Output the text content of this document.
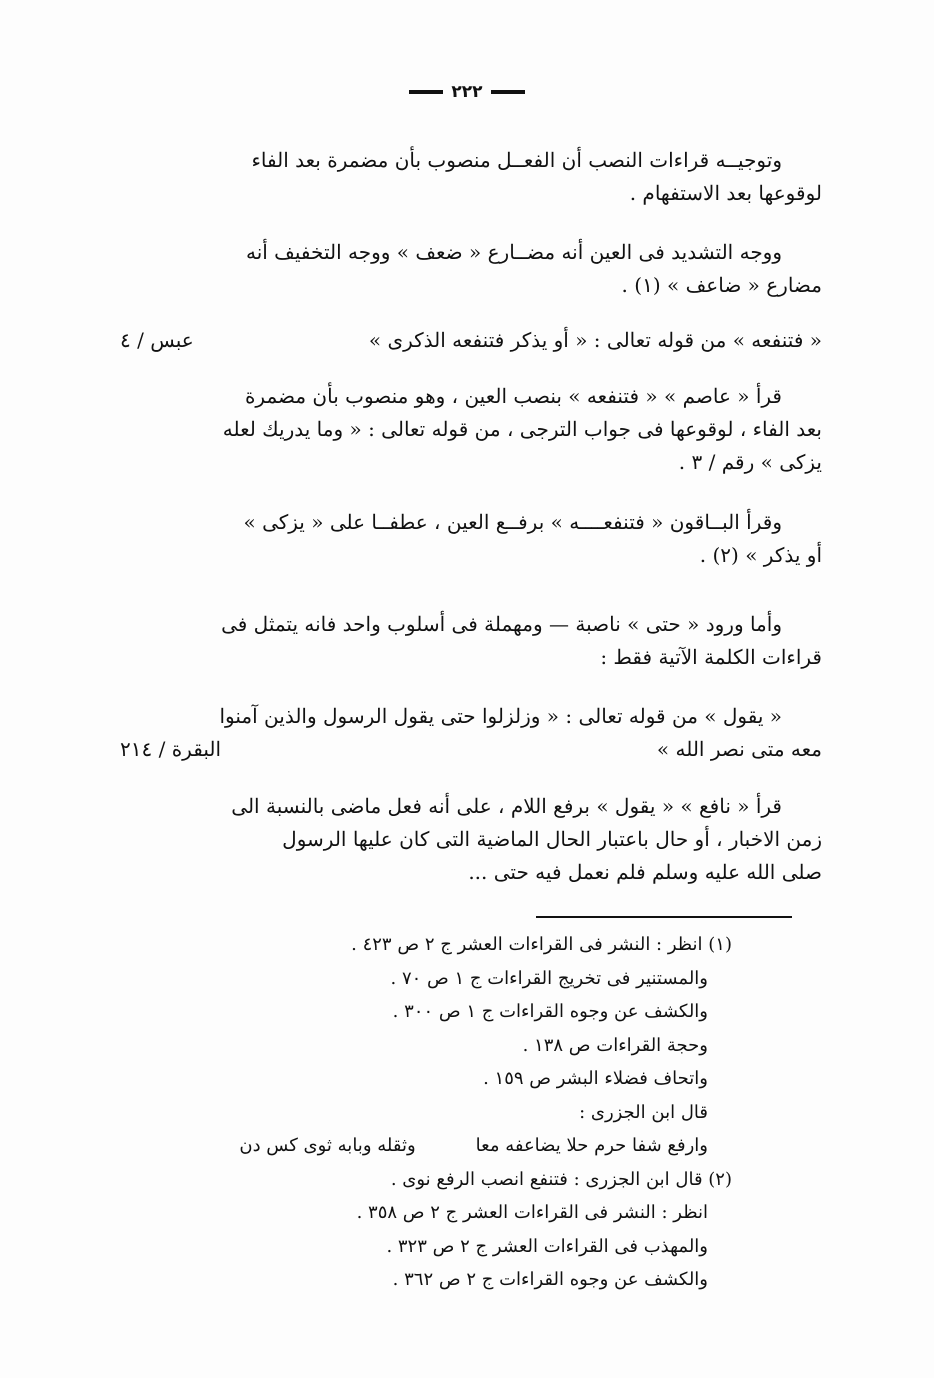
٢٢٢
وتوجيــه قراءات النصب أن الفعــل منصوب بأن مضمرة بعد الفاء
لوقوعها بعد الاستفهام .
ووجه التشديد فى العين أنه مضــارع « ضعف » ووجه التخفيف أنه
مضارع « ضاعف » (١) .
« فتنفعه » من قوله تعالى : « أو يذكر فتنفعه الذكرى »
عبس / ٤
قرأ « عاصم » « فتنفعه » بنصب العين ، وهو منصوب بأن مضمرة
بعد الفاء ، لوقوعها فى جواب الترجى ، من قوله تعالى : « وما يدريك لعله
يزكى » رقم / ٣ .
وقرأ البــاقون « فتنفعــــه » برفــع العين ، عطفــا على « يزكى »
أو يذكر » (٢) .
وأما ورود « حتى » ناصبة — ومهملة فى أسلوب واحد فانه يتمثل فى
قراءات الكلمة الآتية فقط :
« يقول » من قوله تعالى : « وزلزلوا حتى يقول الرسول والذين آمنوا
معه متى نصر الله »
البقرة / ٢١٤
قرأ « نافع » « يقول » برفع اللام ، على أنه فعل ماضى بالنسبة الى
زمن الاخبار ، أو حال باعتبار الحال الماضية التى كان عليها الرسول
صلى الله عليه وسلم فلم نعمل فيه حتى ...
(١) انظر : النشر فى القراءات العشر ج ٢ ص ٤٢٣ .
والمستنير فى تخريج القراءات ج ١ ص ٧٠ .
والكشف عن وجوه القراءات ج ١ ص ٣٠٠ .
وحجة القراءات ص ١٣٨ .
واتحاف فضلاء البشر ص ١٥٩ .
قال ابن الجزرى :
وارفع شفا حرم حلا يضاعفه معا
وثقله وبابه ثوى كس دن
(٢) قال ابن الجزرى : فتنفع انصب الرفع نوى .
انظر : النشر فى القراءات العشر ج ٢ ص ٣٥٨ .
والمهذب فى القراءات العشر ج ٢ ص ٣٢٣ .
والكشف عن وجوه القراءات ج ٢ ص ٣٦٢ .
